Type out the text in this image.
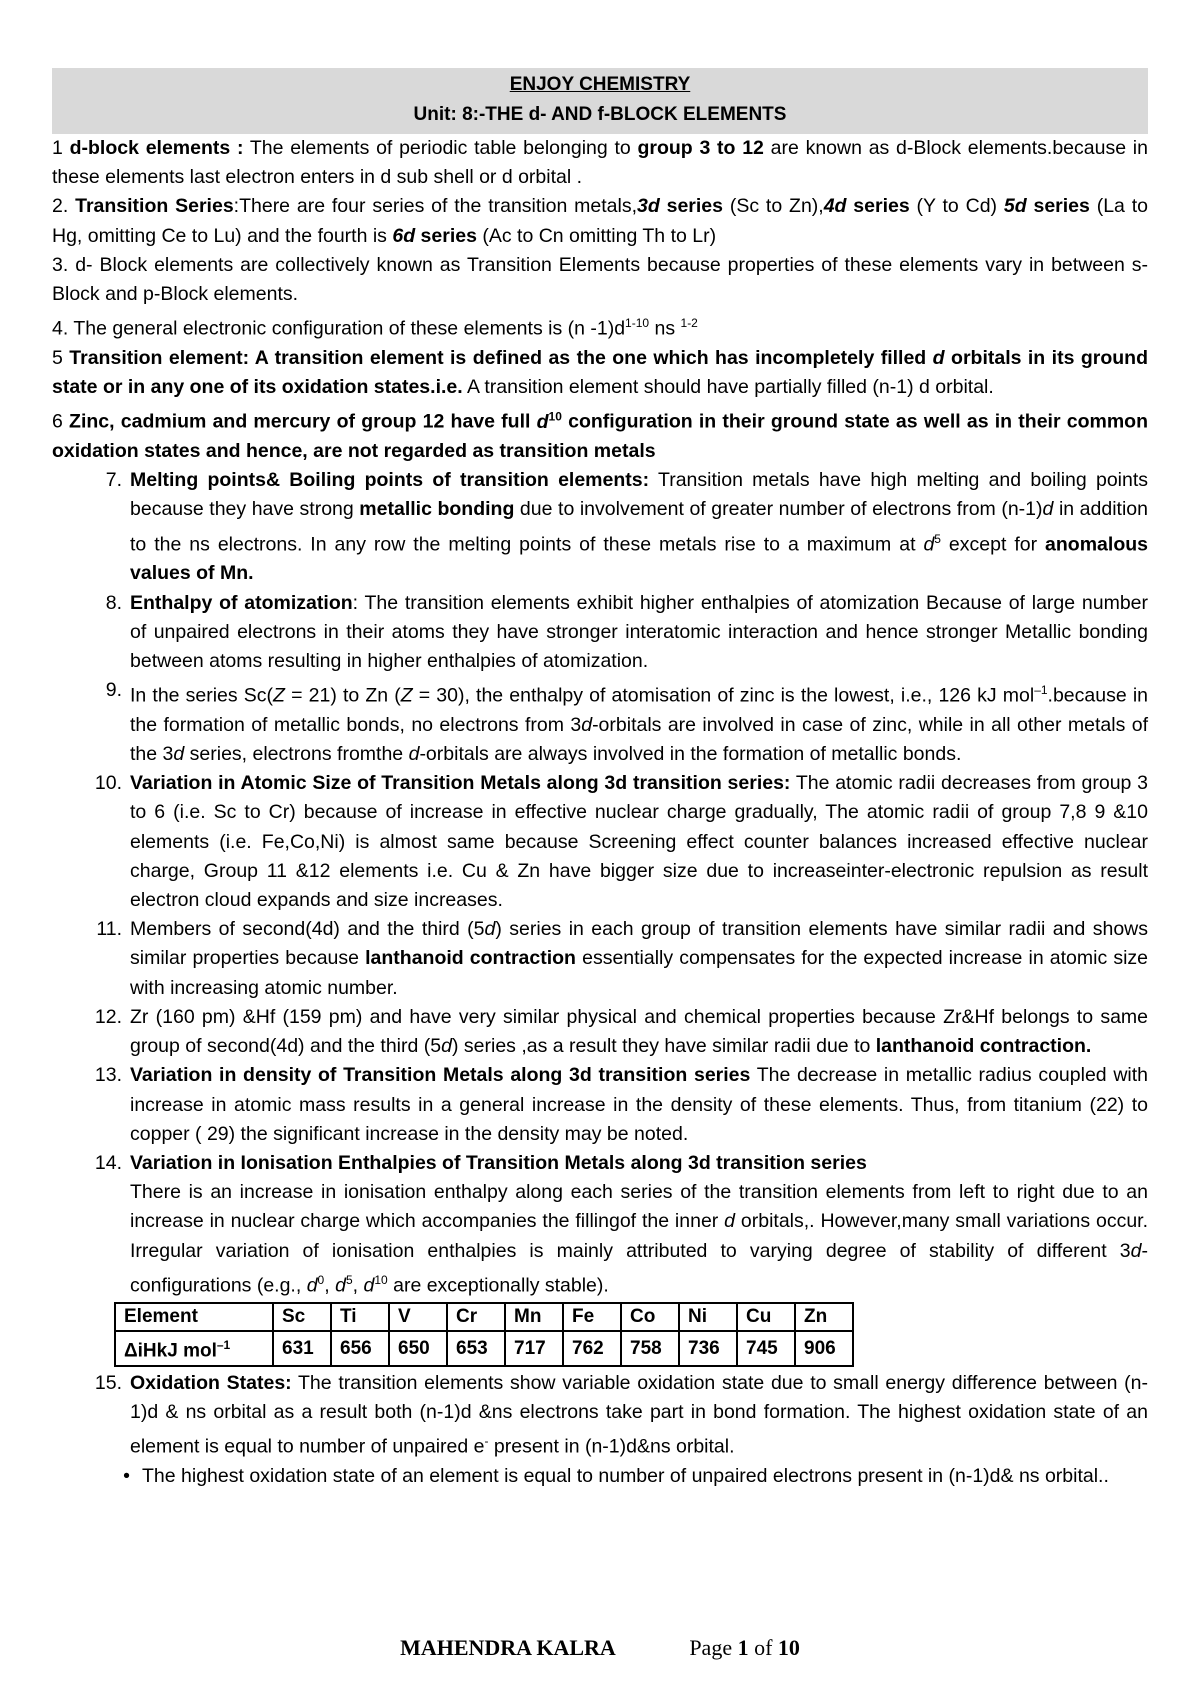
ENJOY CHEMISTRY
Unit: 8:-THE d- AND f-BLOCK ELEMENTS

1 d-block elements : The elements of periodic table belonging to group 3 to 12 are known as d-Block elements.because in these elements last electron enters in d sub shell or d orbital .

2. Transition Series:There are four series of the transition metals,3d series (Sc to Zn),4d series (Y to Cd) 5d series (La to Hg, omitting Ce to Lu) and the fourth is 6d series (Ac to Cn omitting Th to Lr)

3. d- Block elements are collectively known as Transition Elements because properties of these elements vary in between s-Block and p-Block elements.

4. The general electronic configuration of these elements is (n $-1)d^{1-10}$ ns $^{1-2}$

5 Transition element: A transition element is defined as the one which has incompletely filled d orbitals in its ground state or in any one of its oxidation states.i.e. A transition element should have partially filled (n-1) d orbital.

6 Zinc, cadmium and mercury of group 12 have full $d^{10}$ configuration in their ground state as well as in their common oxidation states and hence, are not regarded as transition metals

7. Melting points& Boiling points of transition elements: Transition metals have high melting and boiling points because they have strong metallic bonding due to involvement of greater number of electrons from (n-1)d in addition to the ns electrons. In any row the melting points of these metals rise to a maximum at $d^5$ except for anomalous values of Mn.
8. Enthalpy of atomization: The transition elements exhibit higher enthalpies of atomization Because of large number of unpaired electrons in their atoms they have stronger interatomic interaction and hence stronger Metallic bonding between atoms resulting in higher enthalpies of atomization.
9. In the series Sc(Z = 21) to Zn (Z = 30), the enthalpy of atomisation of zinc is the lowest, i.e., 126 kJ mol$^{-1}$.because in the formation of metallic bonds, no electrons from 3d-orbitals are involved in case of zinc, while in all other metals of the 3d series, electrons fromthe d-orbitals are always involved in the formation of metallic bonds.
10. Variation in Atomic Size of Transition Metals along 3d transition series: The atomic radii decreases from group 3 to 6 (i.e. Sc to Cr) because of increase in effective nuclear charge gradually, The atomic radii of group 7,8 9 &10 elements (i.e. Fe,Co,Ni) is almost same because Screening effect counter balances increased effective nuclear charge, Group 11 &12 elements i.e. Cu & Zn have bigger size due to increaseinter-electronic repulsion as result electron cloud expands and size increases.
11. Members of second(4d) and the third (5d) series in each group of transition elements have similar radii and shows similar properties because lanthanoid contraction essentially compensates for the expected increase in atomic size with increasing atomic number.
12. Zr (160 pm) &Hf (159 pm) and have very similar physical and chemical properties because Zr&Hf belongs to same group of second(4d) and the third (5d) series ,as a result they have similar radii due to lanthanoid contraction.
13. Variation in density of Transition Metals along 3d transition series The decrease in metallic radius coupled with increase in atomic mass results in a general increase in the density of these elements. Thus, from titanium (22) to copper ( 29) the significant increase in the density may be noted.
14. Variation in Ionisation Enthalpies of Transition Metals along 3d transition series
There is an increase in ionisation enthalpy along each series of the transition elements from left to right due to an increase in nuclear charge which accompanies the fillingof the inner d orbitals,. However,many small variations occur. Irregular variation of ionisation enthalpies is mainly attributed to varying degree of stability of different 3d-configurations (e.g., $d^0$, $d^5$, $d^{10}$ are exceptionally stable).
Element	Sc	Ti	V	Cr	Mn	Fe	Co	Ni	Cu	Zn
ΔiHkJ mol$^{-1}$	631	656	650	653	717	762	758	736	745	906
15. Oxidation States: The transition elements show variable oxidation state due to small energy difference between (n-1)d & ns orbital as a result both (n-1)d &ns electrons take part in bond formation. The highest oxidation state of an element is equal to number of unpaired e- present in (n-1)d&ns orbital.
• The highest oxidation state of an element is equal to number of unpaired electrons present in (n-1)d& ns orbital..
MAHENDRA KALRA	Page 1 of 10
